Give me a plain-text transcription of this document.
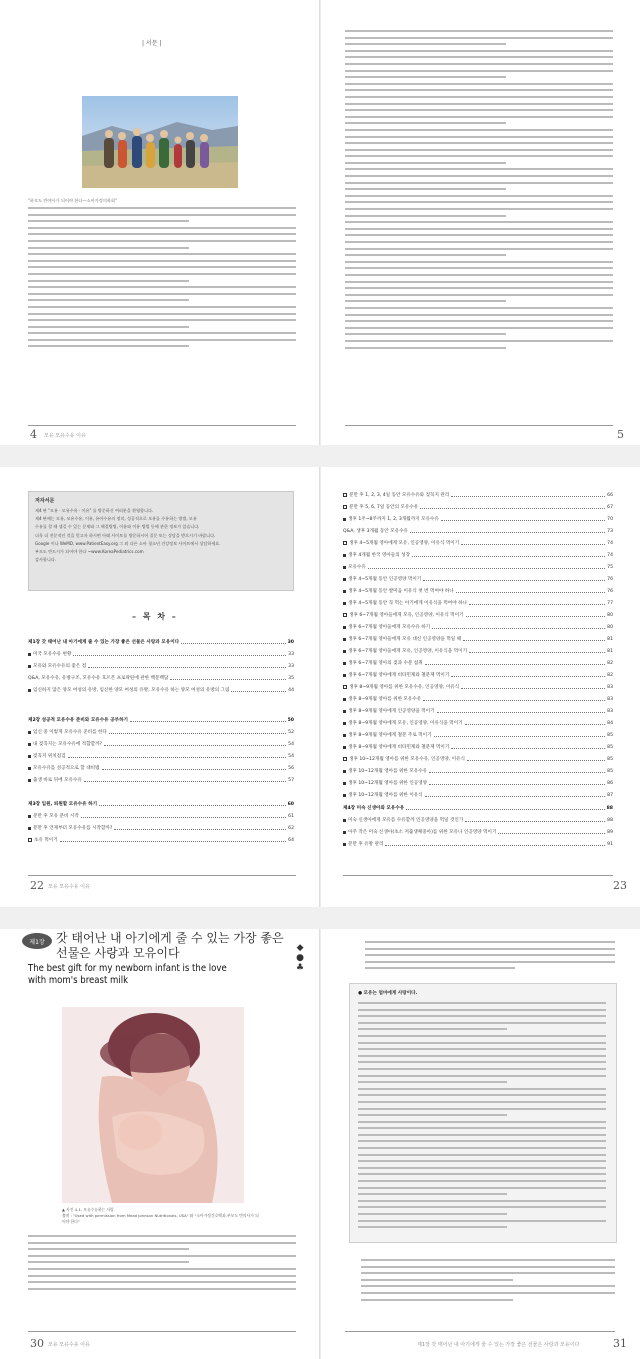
| 서문 |
"하모도 반야사가 되어야 한다—소아가정의학회"
4 모유 모유수유 이유	5
저자서문
제4 판 "모유 · 모유수유 · 이유" 를 방문하신 여러분을 환영합니다.
제4 판에는 모유, 모유수유, 이유, 유아수유의 정의, 성공적으로 모유를 수유하는 방법, 모유
수유를 할 때 생길 수 있는 문제와 그 해결방법, 이유와 이유 방법 등에 관한 정보가 있습니다.
더욱 더 전문적인 것을 얻고자 하시면 아래 사이트를 방문하시어 질문 또는 상담을 받으시기 바랍니다.
Google 이나 WeMD, www.PatientEasy.org 그 외 다른 소아 청소년 건강정보 사이트에서 상담하세요.
부모도 반드시가 되어야 한다 ~www.KoreaPediatrics.com
감사합니다.
– 목 차 –
제1장 갓 태어난 내 아기에게 줄 수 있는 가장 좋은 선물은 사랑과 모유이다	30
미국 모유수유 현황	33
모유와 모유수유의 좋은 점	33
Q&A, 모유수유, 유방구조, 모유수유 호르몬 프로락틴에 관한 백문백답	35
임신하지 않은 양모 여성의 유방, 임신한 양모 여성의 유방, 모유수유 하는 양모 여성의 유방의 그림	44
제2장 성공적 모유수유 준비와 모유수유 공부하기	50
임신 중 이렇게 모유수유 준비를 한다	52
내 젖꼭지는 모유수유에 적합할까?	54
젖꼭지 위치점검	54
모유수유를 성공적으로 할 대비법	56
출생 바로 뒤에 모유수유	57
제3장 입원, 퇴원할 모유수유 하기	60
분만 후 모유 분비 시작	61
분만 후 언제부터 모유수유를 시작할까?	62
초유 먹이기	64
22 모유 모유수유 이유
분만 후 1, 2, 3, 4일 동안 모유수유와 젖꼭지 관리	66
분만 후 5, 6, 7일 동안의 모유수유	67
생후 1주~8주까지 1, 2, 3개월까지 모유수유	70
Q&A, 생후 3개월 동안 모유수유	73
생후 4~5개월 영아에게 모유, 인공영양, 이유식 먹이기	74
생후 4개월 한국 영아들의 성장	74
모유수유	75
생후 4~5개월 동안 인공영양 먹이기	76
생후 4~5개월 동안 쌀미음 이유식 첫 번 먹여야 하나	76
생후 4~5개월 동안 꼭 먹는 아기에게 이유식을 먹여야 하나	77
생후 6~7개월 영아들에게 모유, 인공영양, 이유식 먹이기	80
생후 6~7개월 영아들에게 모유수유 하기	80
생후 6~7개월 영아들에게 모유 대신 인공영양을 먹일 때	81
생후 6~7개월 영아들에게 모유, 인공영양, 이유식을 먹이기	81
생후 6~7개월 영아의 젖과 수분 섭취	82
생후 6~7개월 영아에게 비타민제와 철분제 먹이기	82
생후 8~9개월 영아를 위한 모유수유, 인공영양, 이유식	83
생후 8~9개월 영아를 위한 모유수유	83
생후 8~9개월 영아에게 인공영양을 먹이기	83
생후 8~9개월 영아에게 모유, 인공영양, 이유식을 먹이기	84
생후 8~9개월 영아에게 철분 주로 먹이기	85
생후 8~9개월 영아에게 비타민제와 철분제 먹이기	85
생후 10~12개월 영아를 위한 모유수유, 인공영양, 이유식	85
생후 10~12개월 영아를 위한 모유수유	85
생후 10~12개월 영아를 위한 인공영양	86
생후 10~12개월 영아를 위한 이유식	87
제4장 미숙 신생아와 모유수유	88
미숙 신생아에게 모유를 수유할까 인공영양을 먹일 것인가	88
아주 작은 미숙 신생아(초소 저출생체중아)를 위한 모유나 인공영양 먹이기	89
분만 후 유방 관리	91
23
제1장 갓 태어난 내 아기에게 줄 수 있는 가장 좋은
선물은 사랑과 모유이다
The best gift for my newborn infant is the love
with mom's breast milk
◆
●
♣
▲ 사진 4-1. 모유수유하는 사랑.
출처 : "Used with permission from Mead Johnson Nutritionals, USA" 와 "소아가정간호백과-부모도 반의사가 되어야 한다"
30 모유 모유수유 이유
● 모유는 엄마에게 사랑이다.
제1장 갓 태어난 내 아기에게 줄 수 있는 가장 좋은 선물은 사랑과 모유이다	31
